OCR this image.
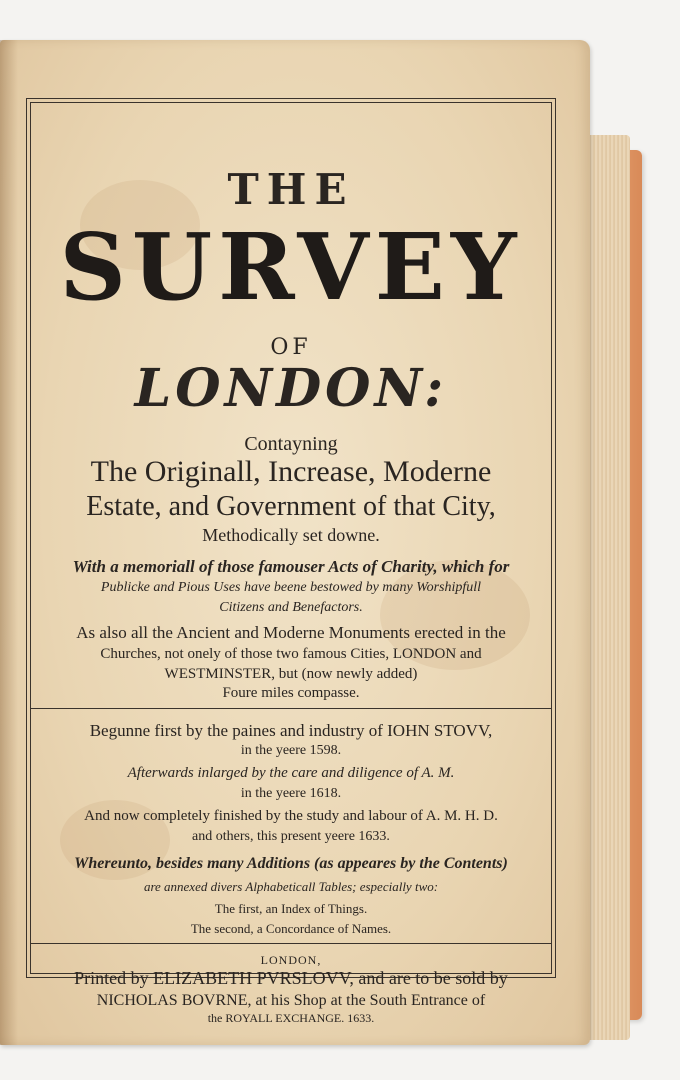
THE
SURVEY
OF
LONDON:
Contayning
The Originall, Increase, Moderne
Estate, and Government of that City,
Methodically set downe.
With a memoriall of those famouser Acts of Charity, which for
Publicke and Pious Uses have beene bestowed by many Worshipfull
Citizens and Benefactors.
As also all the Ancient and Moderne Monuments erected in the
Churches, not onely of those two famous Cities, LONDON and
WESTMINSTER, but (now newly added)
Foure miles compasse.
Begunne first by the paines and industry of IOHN STOVV,
in the yeere 1598.
Afterwards inlarged by the care and diligence of A. M.
in the yeere 1618.
And now completely finished by the study and labour of A. M. H. D.
and others, this present yeere 1633.
Whereunto, besides many Additions (as appeares by the Contents)
are annexed divers Alphabeticall Tables; especially two:
The first, an Index of Things.
The second, a Concordance of Names.
LONDON,
Printed by ELIZABETH PVRSLOVV, and are to be sold by
NICHOLAS BOVRNE, at his Shop at the South Entrance of
the ROYALL EXCHANGE. 1633.
